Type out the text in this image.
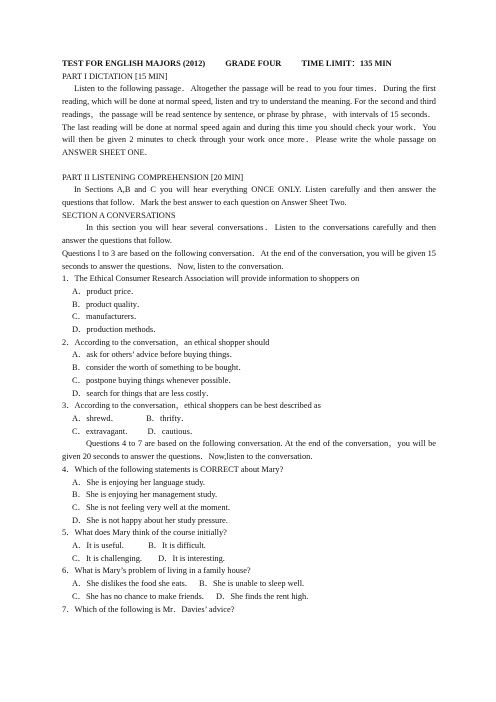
TEST FOR ENGLISH MAJORS (2012) GRADE FOUR TIME LIMIT：135 MIN
PART I DICTATION [15 MIN]
Listen to the following passage．Altogether the passage will be read to you four times．During the first reading, which will be done at normal speed, listen and try to understand the meaning. For the second and third readings，the passage will be read sentence by sentence, or phrase by phrase，with intervals of 15 seconds．The last reading will be done at normal speed again and during this time you should check your work．You will then be given 2 minutes to check through your work once more．Please write the whole passage on ANSWER SHEET ONE．
PART II LISTENING COMPREHENSION [20 MIN]
In Sections A,B and C you will hear everything ONCE ONLY. Listen carefully and then answer the questions that follow．Mark the best answer to each question on Answer Sheet Two.
SECTION A CONVERSATIONS
In this section you will hear several conversations．Listen to the conversations carefully and then answer the questions that follow.
Questions l to 3 are based on the following conversation．At the end of the conversation, you will be given 15 seconds to answer the questions．Now, listen to the conversation.
1．The Ethical Consumer Research Association will provide information to shoppers on
A．product price．
B．product quality．
C．manufacturers．
D．production methods．
2．According to the conversation，an ethical shopper should
A．ask for others’ advice before buying things．
B．consider the worth of something to be bought．
C．postpone buying things whenever possible．
D．search for things that are less costly．
3．According to the conversation，ethical shoppers can be best described as
A．shrewd．	B．thrifty．
C．extravagant． D．cautious．
Questions 4 to 7 are based on the following conversation. At the end of the conversation，you will be given 20 seconds to answer the questions．Now,listen to the conversation.
4．Which of the following statements is CORRECT about Mary?
A．She is enjoying her language study.
B．She is enjoying her management study.
C．She is not feeling very well at the moment.
D．She is not happy about her study pressure.
5．What does Mary think of the course initially?
A．It is useful.	B．It is difficult.
C．It is challenging. D．It is interesting.
6．What is Mary’s problem of living in a family house?
A．She dislikes the food she eats. B．She is unable to sleep well.
C．She has no chance to make friends. D．She finds the rent high.
7．Which of the following is Mr．Davies’ advice?
